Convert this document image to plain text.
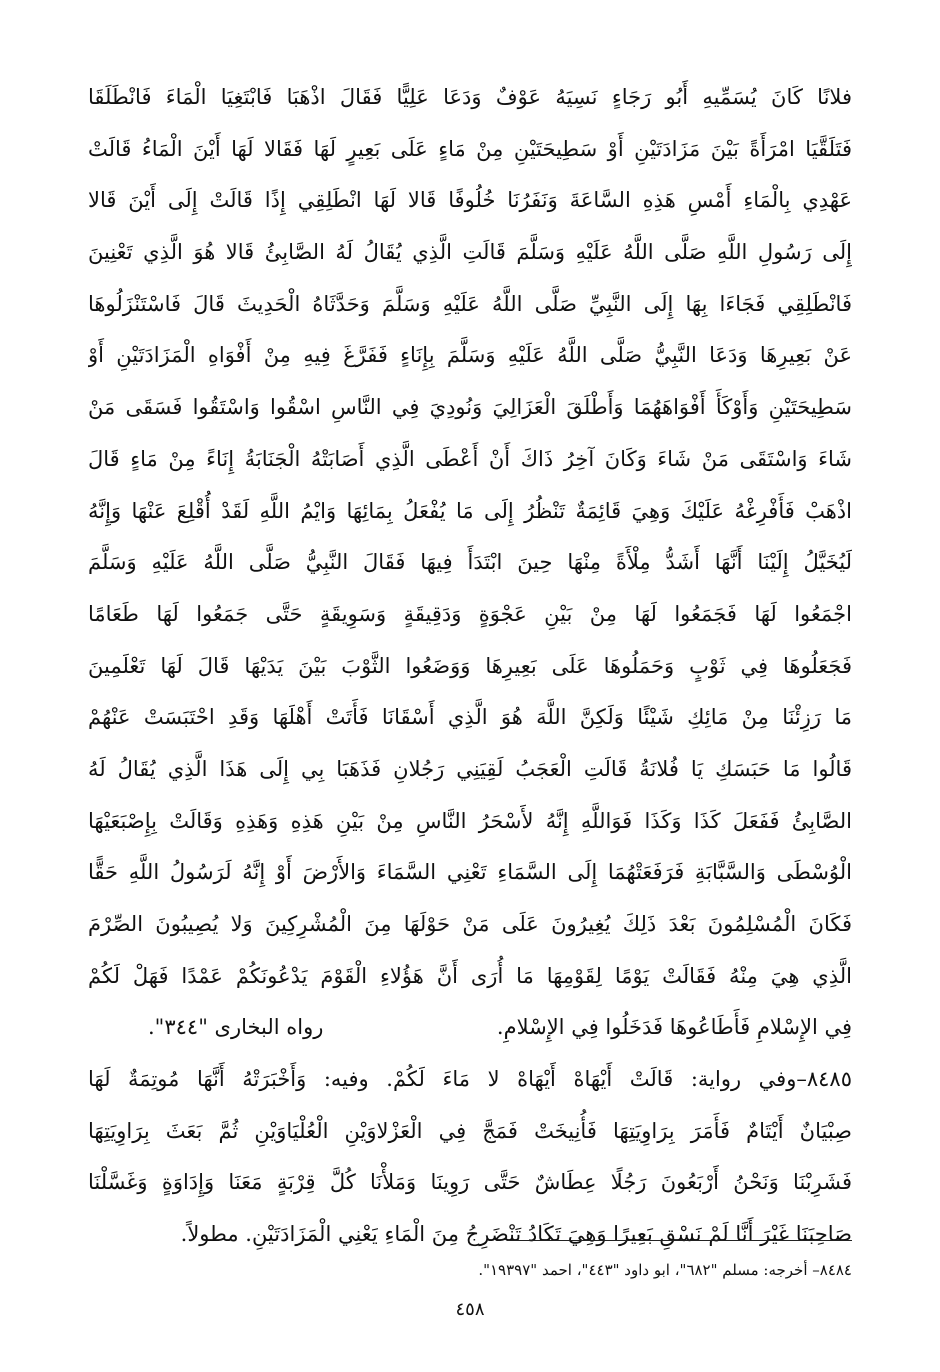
فلانًا كَانَ يُسَمِّيهِ أَبُو رَجَاءٍ نَسِيَهُ عَوْفٌ وَدَعَا عَلِيًّا فَقَالَ اذْهَبَا فَابْتَغِيَا الْمَاءَ فَانْطَلَقَا
فَتَلَقَّيَا امْرَأَةً بَيْنَ مَزَادَتَيْنِ أَوْ سَطِيحَتَيْنِ مِنْ مَاءٍ عَلَى بَعِيرٍ لَهَا فَقَالا لَهَا أَيْنَ الْمَاءُ قَالَتْ
عَهْدِي بِالْمَاءِ أَمْسِ هَذِهِ السَّاعَةَ وَنَفَرُنَا خُلُوفًا قَالا لَهَا انْطَلِقِي إِذًا قَالَتْ إِلَى أَيْنَ قَالا
إِلَى رَسُولِ اللَّهِ صَلَّى اللَّهُ عَلَيْهِ وَسَلَّمَ قَالَتِ الَّذِي يُقَالُ لَهُ الصَّابِئُ قَالا هُوَ الَّذِي تَعْنِينَ
فَانْطَلِقِي فَجَاءَا بِهَا إِلَى النَّبِيِّ صَلَّى اللَّهُ عَلَيْهِ وَسَلَّمَ وَحَدَّثَاهُ الْحَدِيثَ قَالَ فَاسْتَنْزَلُوهَا
عَنْ بَعِيرِهَا وَدَعَا النَّبِيُّ صَلَّى اللَّهُ عَلَيْهِ وَسَلَّمَ بِإِنَاءٍ فَفَرَّغَ فِيهِ مِنْ أَفْوَاهِ الْمَزَادَتَيْنِ أَوْ
سَطِيحَتَيْنِ وَأَوْكَأَ أَفْوَاهَهُمَا وَأَطْلَقَ الْعَزَالِيَ وَنُودِيَ فِي النَّاسِ اسْقُوا وَاسْتَقُوا فَسَقَى مَنْ
شَاءَ وَاسْتَقَى مَنْ شَاءَ وَكَانَ آخِرُ ذَاكَ أَنْ أَعْطَى الَّذِي أَصَابَتْهُ الْجَنَابَةُ إِنَاءً مِنْ مَاءٍ قَالَ
اذْهَبْ فَأَفْرِغْهُ عَلَيْكَ وَهِيَ قَائِمَةٌ تَنْظُرُ إِلَى مَا يُفْعَلُ بِمَائِهَا وَايْمُ اللَّهِ لَقَدْ أُقْلِعَ عَنْهَا وَإِنَّهُ
لَيُخَيَّلُ إِلَيْنَا أَنَّهَا أَشَدُّ مِلْأَةً مِنْهَا حِينَ ابْتَدَأَ فِيهَا فَقَالَ النَّبِيُّ صَلَّى اللَّهُ عَلَيْهِ وَسَلَّمَ
اجْمَعُوا لَهَا فَجَمَعُوا لَهَا مِنْ بَيْنِ عَجْوَةٍ وَدَقِيقَةٍ وَسَوِيقَةٍ حَتَّى جَمَعُوا لَهَا طَعَامًا
فَجَعَلُوهَا فِي ثَوْبٍ وَحَمَلُوهَا عَلَى بَعِيرِهَا وَوَضَعُوا الثَّوْبَ بَيْنَ يَدَيْهَا قَالَ لَهَا تَعْلَمِينَ
مَا رَزِئْنَا مِنْ مَائِكِ شَيْئًا وَلَكِنَّ اللَّهَ هُوَ الَّذِي أَسْقَانَا فَأَتَتْ أَهْلَهَا وَقَدِ احْتَبَسَتْ عَنْهُمْ
قَالُوا مَا حَبَسَكِ يَا فُلانَةُ قَالَتِ الْعَجَبُ لَقِيَنِي رَجُلانِ فَذَهَبَا بِي إِلَى هَذَا الَّذِي يُقَالُ لَهُ
الصَّابِئُ فَفَعَلَ كَذَا وَكَذَا فَوَاللَّهِ إِنَّهُ لأَسْحَرُ النَّاسِ مِنْ بَيْنِ هَذِهِ وَهَذِهِ وَقَالَتْ بِإِصْبَعَيْهَا
الْوُسْطَى وَالسَّبَّابَةِ فَرَفَعَتْهُمَا إِلَى السَّمَاءِ تَعْنِي السَّمَاءَ وَالأَرْضَ أَوْ إِنَّهُ لَرَسُولُ اللَّهِ حَقًّا
فَكَانَ الْمُسْلِمُونَ بَعْدَ ذَلِكَ يُغِيرُونَ عَلَى مَنْ حَوْلَهَا مِنَ الْمُشْرِكِينَ وَلا يُصِيبُونَ الصِّرْمَ
الَّذِي هِيَ مِنْهُ فَقَالَتْ يَوْمًا لِقَوْمِهَا مَا أُرَى أَنَّ هَؤُلاءِ الْقَوْمَ يَدْعُونَكُمْ عَمْدًا فَهَلْ لَكُمْ
فِي الإِسْلامِ فَأَطَاعُوهَا فَدَخَلُوا فِي الإِسْلامِ.
رواه البخارى "٣٤٤".
٨٤٨٥–وفي رواية: قَالَتْ أَيْهَاهْ أَيْهَاهْ لا مَاءَ لَكُمْ. وفيه: وَأَخْبَرَتْهُ أَنَّهَا مُوتِمَةٌ لَهَا
صِبْيَانٌ أَيْتَامٌ فَأَمَرَ بِرَاوِيَتِهَا فَأُنِيخَتْ فَمَجَّ فِي الْعَزْلاوَيْنِ الْعُلْيَاوَيْنِ ثُمَّ بَعَثَ بِرَاوِيَتِهَا
فَشَرِبْنَا وَنَحْنُ أَرْبَعُونَ رَجُلًا عِطَاشٌ حَتَّى رَوِينَا وَمَلأْنَا كُلَّ قِرْبَةٍ مَعَنَا وَإِدَاوَةٍ وَغَسَّلْنَا
صَاحِبَنَا غَيْرَ أَنَّا لَمْ نَسْقِ بَعِيرًا وَهِيَ تَكَادُ تَنْضَرِجُ مِنَ الْمَاءِ يَعْنِي الْمَزَادَتَيْنِ. مطولاً.
٨٤٨٤– أخرجه: مسلم "٦٨٢"، ابو داود "٤٤٣"، احمد "١٩٣٩٧".
٤٥٨
